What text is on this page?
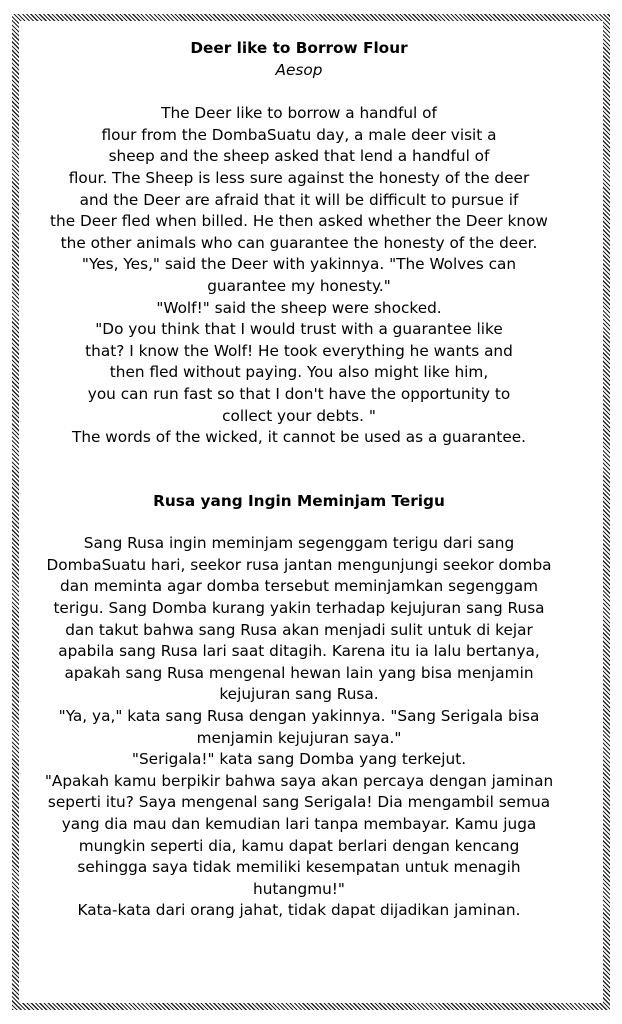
Deer like to Borrow Flour
Aesop
The Deer like to borrow a handful of
flour from the DombaSuatu day, a male deer visit a
sheep and the sheep asked that lend a handful of
flour. The Sheep is less sure against the honesty of the deer
and the Deer are afraid that it will be difficult to pursue if
the Deer fled when billed. He then asked whether the Deer know
the other animals who can guarantee the honesty of the deer.
"Yes, Yes," said the Deer with yakinnya. "The Wolves can
guarantee my honesty."
"Wolf!" said the sheep were shocked.
"Do you think that I would trust with a guarantee like
that? I know the Wolf! He took everything he wants and
then fled without paying. You also might like him,
you can run fast so that I don't have the opportunity to
collect your debts. "
The words of the wicked, it cannot be used as a guarantee.
Rusa yang Ingin Meminjam Terigu
Sang Rusa ingin meminjam segenggam terigu dari sang
DombaSuatu hari, seekor rusa jantan mengunjungi seekor domba
dan meminta agar domba tersebut meminjamkan segenggam
terigu. Sang Domba kurang yakin terhadap kejujuran sang Rusa
dan takut bahwa sang Rusa akan menjadi sulit untuk di kejar
apabila sang Rusa lari saat ditagih. Karena itu ia lalu bertanya,
apakah sang Rusa mengenal hewan lain yang bisa menjamin
kejujuran sang Rusa.
"Ya, ya," kata sang Rusa dengan yakinnya. "Sang Serigala bisa
menjamin kejujuran saya."
"Serigala!" kata sang Domba yang terkejut.
"Apakah kamu berpikir bahwa saya akan percaya dengan jaminan
seperti itu? Saya mengenal sang Serigala! Dia mengambil semua
yang dia mau dan kemudian lari tanpa membayar. Kamu juga
mungkin seperti dia, kamu dapat berlari dengan kencang
sehingga saya tidak memiliki kesempatan untuk menagih
hutangmu!"
Kata-kata dari orang jahat, tidak dapat dijadikan jaminan.
